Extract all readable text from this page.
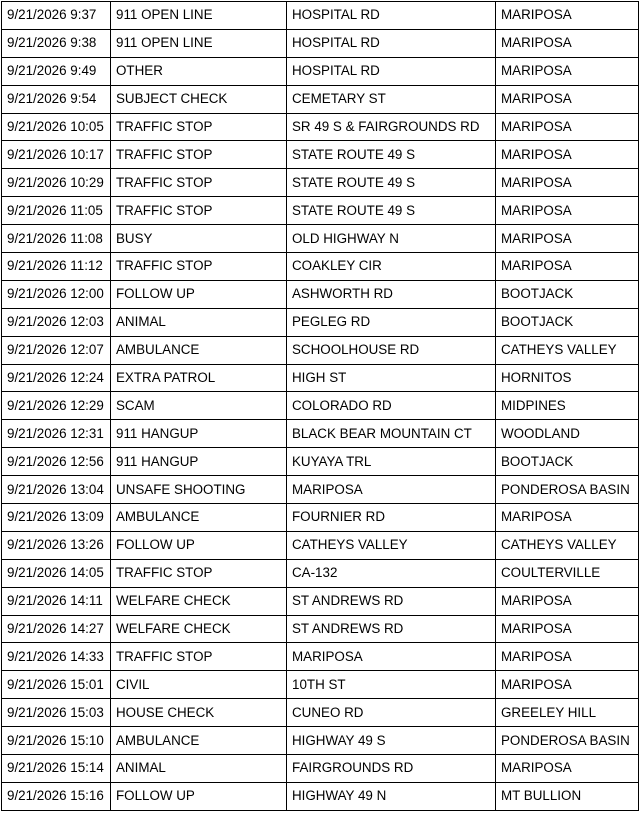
9/21/2026 9:37	911 OPEN LINE	HOSPITAL RD	MARIPOSA
9/21/2026 9:38	911 OPEN LINE	HOSPITAL RD	MARIPOSA
9/21/2026 9:49	OTHER	HOSPITAL RD	MARIPOSA
9/21/2026 9:54	SUBJECT CHECK	CEMETARY ST	MARIPOSA
9/21/2026 10:05	TRAFFIC STOP	SR 49 S & FAIRGROUNDS RD	MARIPOSA
9/21/2026 10:17	TRAFFIC STOP	STATE ROUTE 49 S	MARIPOSA
9/21/2026 10:29	TRAFFIC STOP	STATE ROUTE 49 S	MARIPOSA
9/21/2026 11:05	TRAFFIC STOP	STATE ROUTE 49 S	MARIPOSA
9/21/2026 11:08	BUSY	OLD HIGHWAY N	MARIPOSA
9/21/2026 11:12	TRAFFIC STOP	COAKLEY CIR	MARIPOSA
9/21/2026 12:00	FOLLOW UP	ASHWORTH RD	BOOTJACK
9/21/2026 12:03	ANIMAL	PEGLEG RD	BOOTJACK
9/21/2026 12:07	AMBULANCE	SCHOOLHOUSE RD	CATHEYS VALLEY
9/21/2026 12:24	EXTRA PATROL	HIGH ST	HORNITOS
9/21/2026 12:29	SCAM	COLORADO RD	MIDPINES
9/21/2026 12:31	911 HANGUP	BLACK BEAR MOUNTAIN CT	WOODLAND
9/21/2026 12:56	911 HANGUP	KUYAYA TRL	BOOTJACK
9/21/2026 13:04	UNSAFE SHOOTING	MARIPOSA	PONDEROSA BASIN
9/21/2026 13:09	AMBULANCE	FOURNIER RD	MARIPOSA
9/21/2026 13:26	FOLLOW UP	CATHEYS VALLEY	CATHEYS VALLEY
9/21/2026 14:05	TRAFFIC STOP	CA-132	COULTERVILLE
9/21/2026 14:11	WELFARE CHECK	ST ANDREWS RD	MARIPOSA
9/21/2026 14:27	WELFARE CHECK	ST ANDREWS RD	MARIPOSA
9/21/2026 14:33	TRAFFIC STOP	MARIPOSA	MARIPOSA
9/21/2026 15:01	CIVIL	10TH ST	MARIPOSA
9/21/2026 15:03	HOUSE CHECK	CUNEO RD	GREELEY HILL
9/21/2026 15:10	AMBULANCE	HIGHWAY 49 S	PONDEROSA BASIN
9/21/2026 15:14	ANIMAL	FAIRGROUNDS RD	MARIPOSA
9/21/2026 15:16	FOLLOW UP	HIGHWAY 49 N	MT BULLION
